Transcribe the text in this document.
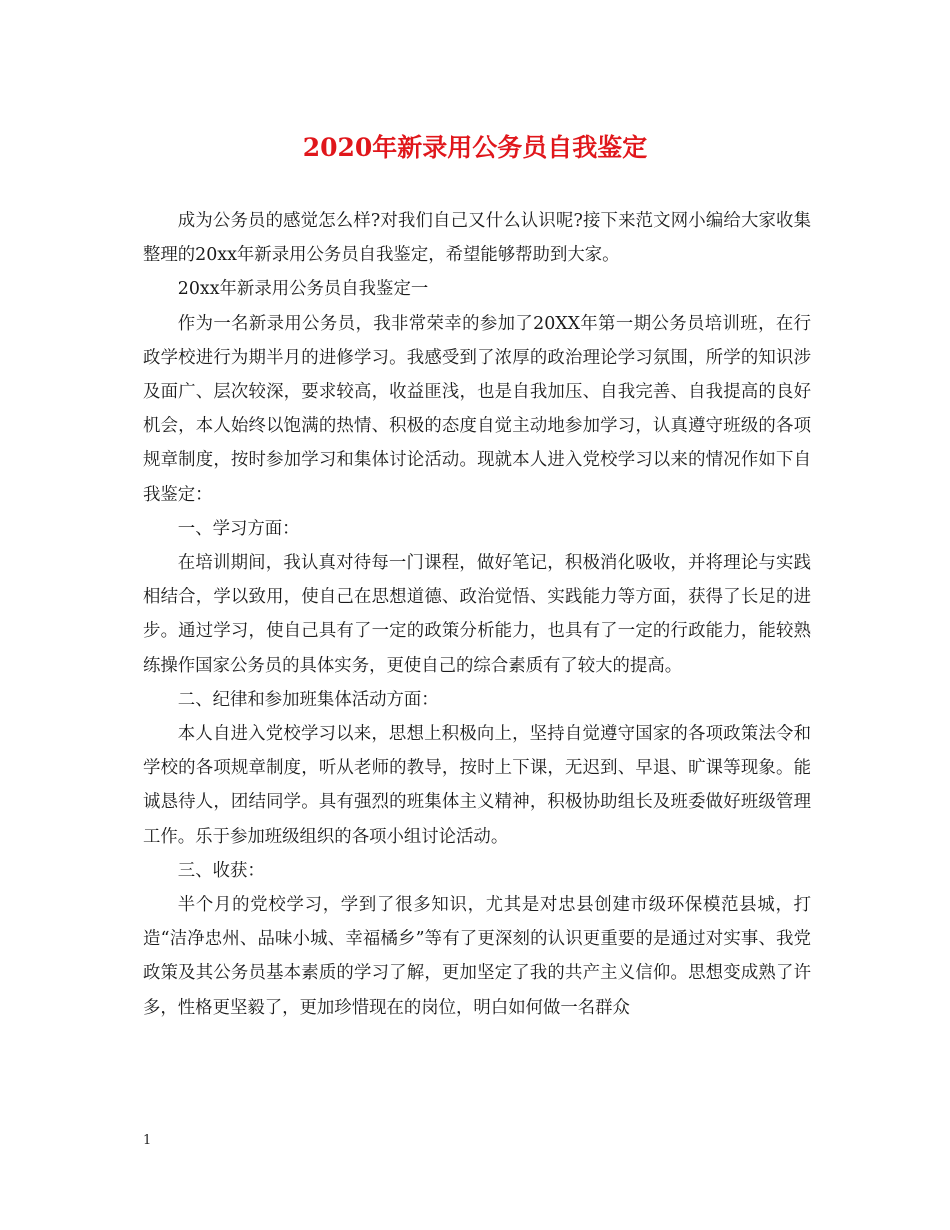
2020年新录用公务员自我鉴定

成为公务员的感觉怎么样?对我们自己又什么认识呢?接下来范文网小编给大家收集整理的20xx年新录用公务员自我鉴定，希望能够帮助到大家。

20xx年新录用公务员自我鉴定一

作为一名新录用公务员，我非常荣幸的参加了20XX年第一期公务员培训班，在行政学校进行为期半月的进修学习。我感受到了浓厚的政治理论学习氛围，所学的知识涉及面广、层次较深，要求较高，收益匪浅，也是自我加压、自我完善、自我提高的良好机会，本人始终以饱满的热情、积极的态度自觉主动地参加学习，认真遵守班级的各项规章制度，按时参加学习和集体讨论活动。现就本人进入党校学习以来的情况作如下自我鉴定：

一、学习方面：

在培训期间，我认真对待每一门课程，做好笔记，积极消化吸收，并将理论与实践相结合，学以致用，使自己在思想道德、政治觉悟、实践能力等方面，获得了长足的进步。通过学习，使自己具有了一定的政策分析能力，也具有了一定的行政能力，能较熟练操作国家公务员的具体实务，更使自己的综合素质有了较大的提高。

二、纪律和参加班集体活动方面：

本人自进入党校学习以来，思想上积极向上，坚持自觉遵守国家的各项政策法令和学校的各项规章制度，听从老师的教导，按时上下课，无迟到、早退、旷课等现象。能诚恳待人，团结同学。具有强烈的班集体主义精神，积极协助组长及班委做好班级管理工作。乐于参加班级组织的各项小组讨论活动。

三、收获：

半个月的党校学习，学到了很多知识，尤其是对忠县创建市级环保模范县城，打造“洁净忠州、品味小城、幸福橘乡”等有了更深刻的认识更重要的是通过对实事、我党政策及其公务员基本素质的学习了解，更加坚定了我的共产主义信仰。思想变成熟了许多，性格更坚毅了，更加珍惜现在的岗位，明白如何做一名群众

1
